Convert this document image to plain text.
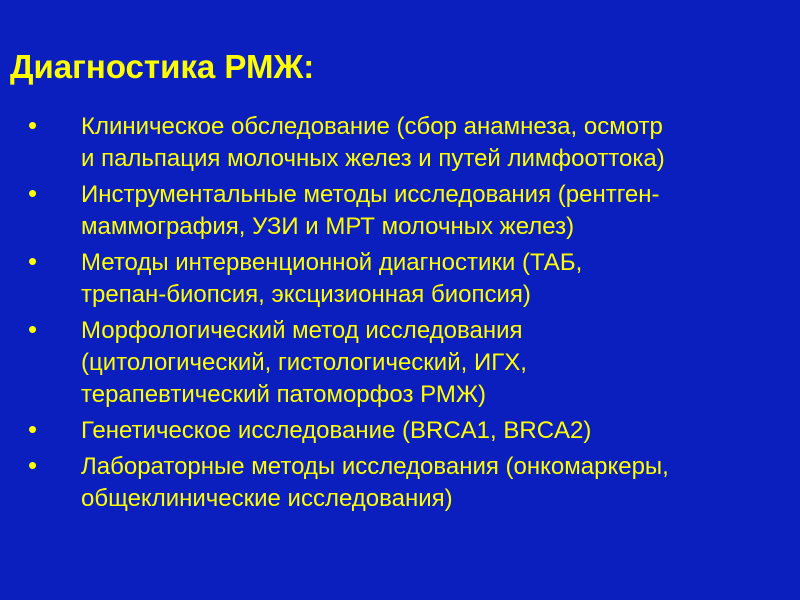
Диагностика РМЖ:
• Клиническое обследование (сбор анамнеза, осмотр
и пальпация молочных желез и путей лимфооттока)
• Инструментальные методы исследования (рентген-
маммография, УЗИ и МРТ молочных желез)
• Методы интервенционной диагностики (ТАБ,
трепан-биопсия, эксцизионная биопсия)
• Морфологический метод исследования
(цитологический, гистологический, ИГХ,
терапевтический патоморфоз РМЖ)
• Генетическое исследование (BRCA1, BRCA2)
• Лабораторные методы исследования (онкомаркеры,
общеклинические исследования)
